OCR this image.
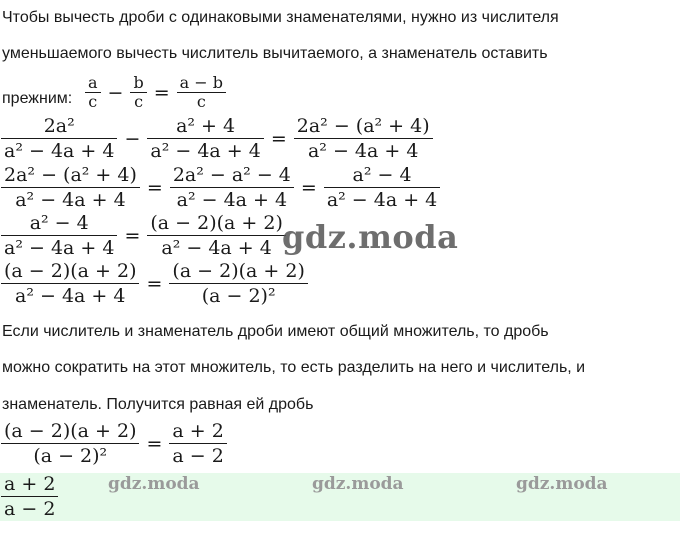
Чтобы вычесть дроби с одинаковыми знаменателями, нужно из числителя
уменьшаемого вычесть числитель вычитаемого, а знаменатель оставить
прежним: $\frac{a}{c} - \frac{b}{c} = \frac{a - b}{c}$
$\frac{\text{2a²}}{\text{a² − 4a + 4}} - \frac{\text{a² + 4}}{\text{a² − 4a + 4}} = \frac{\text{2a² − (a² + 4)}}{\text{a² − 4a + 4}}$
$\frac{\text{2a² − (a² + 4)}}{\text{a² − 4a + 4}} = \frac{\text{2a² − a² − 4}}{\text{a² − 4a + 4}} = \frac{\text{a² − 4}}{\text{a² − 4a + 4}}$
$\frac{\text{a² − 4}}{\text{a² − 4a + 4}} = \frac{(a - 2)(a + 2)}{\text{a² − 4a + 4}}$
$\frac{(a - 2)(a + 2)}{\text{a² − 4a + 4}} = \frac{(a - 2)(a + 2)}{\text{(a − 2)²}}$
Если числитель и знаменатель дроби имеют общий множитель, то дробь
можно сократить на этот множитель, то есть разделить на него и числитель, и
знаменатель. Получится равная ей дробь
$\frac{(a - 2)(a + 2)}{\text{(a − 2)²}} = \frac{a + 2}{a - 2}$
$\frac{a + 2}{a - 2}$
gdz.moda
gdz.moda	gdz.moda	gdz.moda
